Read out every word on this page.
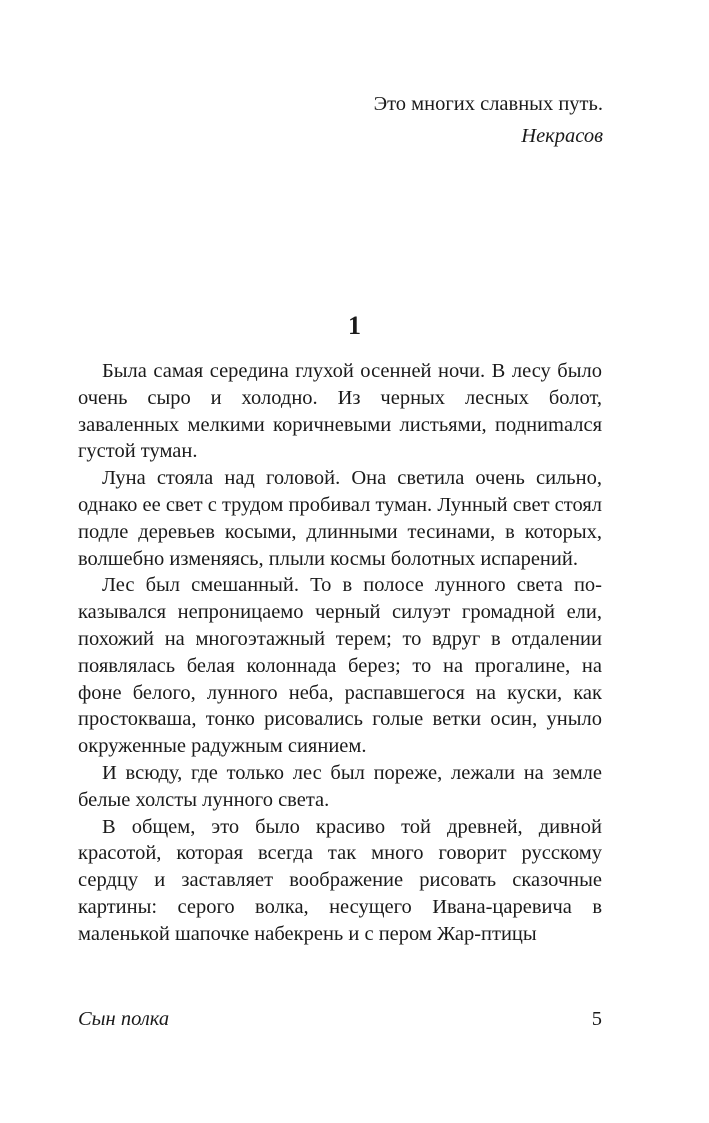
Это многих славных путь.
Некрасов
1

Была самая середина глухой осенней ночи. В лесу было очень сыро и холодно. Из черных лесных болот, заваленных мелкими коричневыми листьями, подниmался густой туман.

Луна стояла над головой. Она светила очень сильно, однако ее свет с трудом пробивал туман. Лунный свет стоял подле деревьев косыми, длинными тесинами, в которых, волшебно изменяясь, плыли космы болотных испарений.

Лес был смешанный. То в полосе лунного света показывался непроницаемо черный силуэт громадной ели, похожий на многоэтажный терем; то вдруг в отдалении появлялась белая колоннада берез; то на прогалине, на фоне белого, лунного неба, распавшегося на куски, как простокваша, тонко рисовались голые ветки осин, уныло окруженные радужным сиянием.

И всюду, где только лес был пореже, лежали на земле белые холсты лунного света.

В общем, это было красиво той древней, дивной красотой, которая всегда так много говорит русскому сердцу и заставляет воображение рисовать сказочные картины: серого волка, несущего Ивана-царевича в маленькой шапочке набекрень и с пером Жар-птицы

Сын полка	5
